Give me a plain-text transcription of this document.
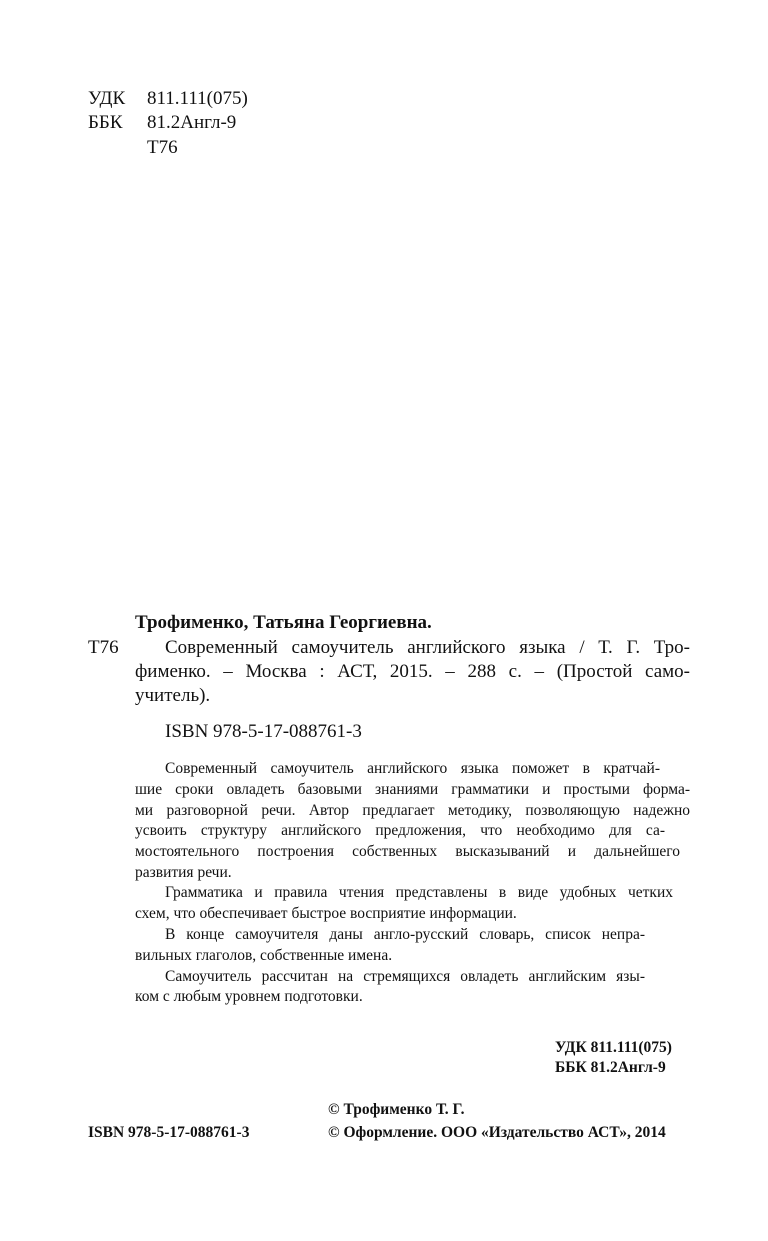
УДК 811.111(075)
ББК 81.2Англ-9
Т76
Трофименко, Татьяна Георгиевна.
Т76 Современный самоучитель английского языка / Т. Г. Тро-
фименко. – Москва : АСТ, 2015. – 288 с. – (Простой само-
учитель).
ISBN 978-5-17-088761-3
Современный самоучитель английского языка поможет в кратчай-
шие сроки овладеть базовыми знаниями грамматики и простыми форма-
ми разговорной речи. Автор предлагает методику, позволяющую надежно
усвоить структуру английского предложения, что необходимо для са-
мостоятельного построения собственных высказываний и дальнейшего
развития речи.
Грамматика и правила чтения представлены в виде удобных четких
схем, что обеспечивает быстрое восприятие информации.
В конце самоучителя даны англо-русский словарь, список непра-
вильных глаголов, собственные имена.
Самоучитель рассчитан на стремящихся овладеть английским язы-
ком с любым уровнем подготовки.
УДК 811.111(075)
ББК 81.2Англ-9
© Трофименко Т. Г.
ISBN 978-5-17-088761-3	© Оформление. ООО «Издательство АСТ», 2014
